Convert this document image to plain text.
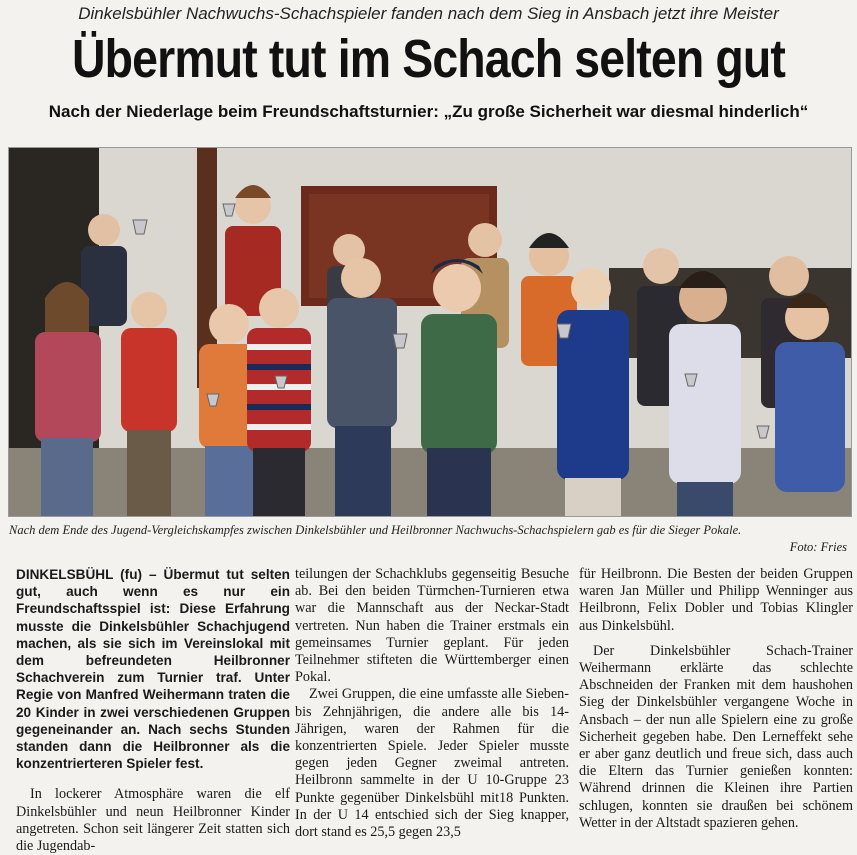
Dinkelsbühler Nachwuchs-Schachspieler fanden nach dem Sieg in Ansbach jetzt ihre Meister
Übermut tut im Schach selten gut
Nach der Niederlage beim Freundschaftsturnier: „Zu große Sicherheit war diesmal hinderlich“
Nach dem Ende des Jugend-Vergleichskampfes zwischen Dinkelsbühler und Heilbronner Nachwuchs-Schachspielern gab es für die Sieger Pokale.
Foto: Fries

DINKELSBÜHL (fu) – Übermut tut selten gut, auch wenn es nur ein Freundschaftsspiel ist: Diese Erfahrung musste die Dinkelsbühler Schachjugend machen, als sie sich im Vereinslokal mit dem befreundeten Heilbronner Schachverein zum Turnier traf. Unter Regie von Manfred Weihermann traten die 20 Kinder in zwei verschiedenen Gruppen gegeneinander an. Nach sechs Stunden standen dann die Heilbronner als die konzentrierteren Spieler fest.

In lockerer Atmosphäre waren die elf Dinkelsbühler und neun Heilbronner Kinder angetreten. Schon seit längerer Zeit statten sich die Jugendab-

teilungen der Schachklubs gegenseitig Besuche ab. Bei den beiden Türmchen-Turnieren etwa war die Mannschaft aus der Neckar-Stadt vertreten. Nun haben die Trainer erstmals ein gemeinsames Turnier geplant. Für jeden Teilnehmer stifteten die Württemberger einen Pokal.

Zwei Gruppen, die eine umfasste alle Sieben- bis Zehnjährigen, die andere alle bis 14-Jährigen, waren der Rahmen für die konzentrierten Spiele. Jeder Spieler musste gegen jeden Gegner zweimal antreten. Heilbronn sammelte in der U 10-Gruppe 23 Punkte gegenüber Dinkelsbühl mit18 Punkten. In der U 14 entschied sich der Sieg knapper, dort stand es 25,5 gegen 23,5

für Heilbronn. Die Besten der beiden Gruppen waren Jan Müller und Philipp Wenninger aus Heilbronn, Felix Dobler und Tobias Klingler aus Dinkelsbühl.

Der Dinkelsbühler Schach-Trainer Weihermann erklärte das schlechte Abschneiden der Franken mit dem haushohen Sieg der Dinkelsbühler vergangene Woche in Ansbach – der nun alle Spielern eine zu große Sicherheit gegeben habe. Den Lerneffekt sehe er aber ganz deutlich und freue sich, dass auch die Eltern das Turnier genießen konnten: Während drinnen die Kleinen ihre Partien schlugen, konnten sie draußen bei schönem Wetter in der Altstadt spazieren gehen.
